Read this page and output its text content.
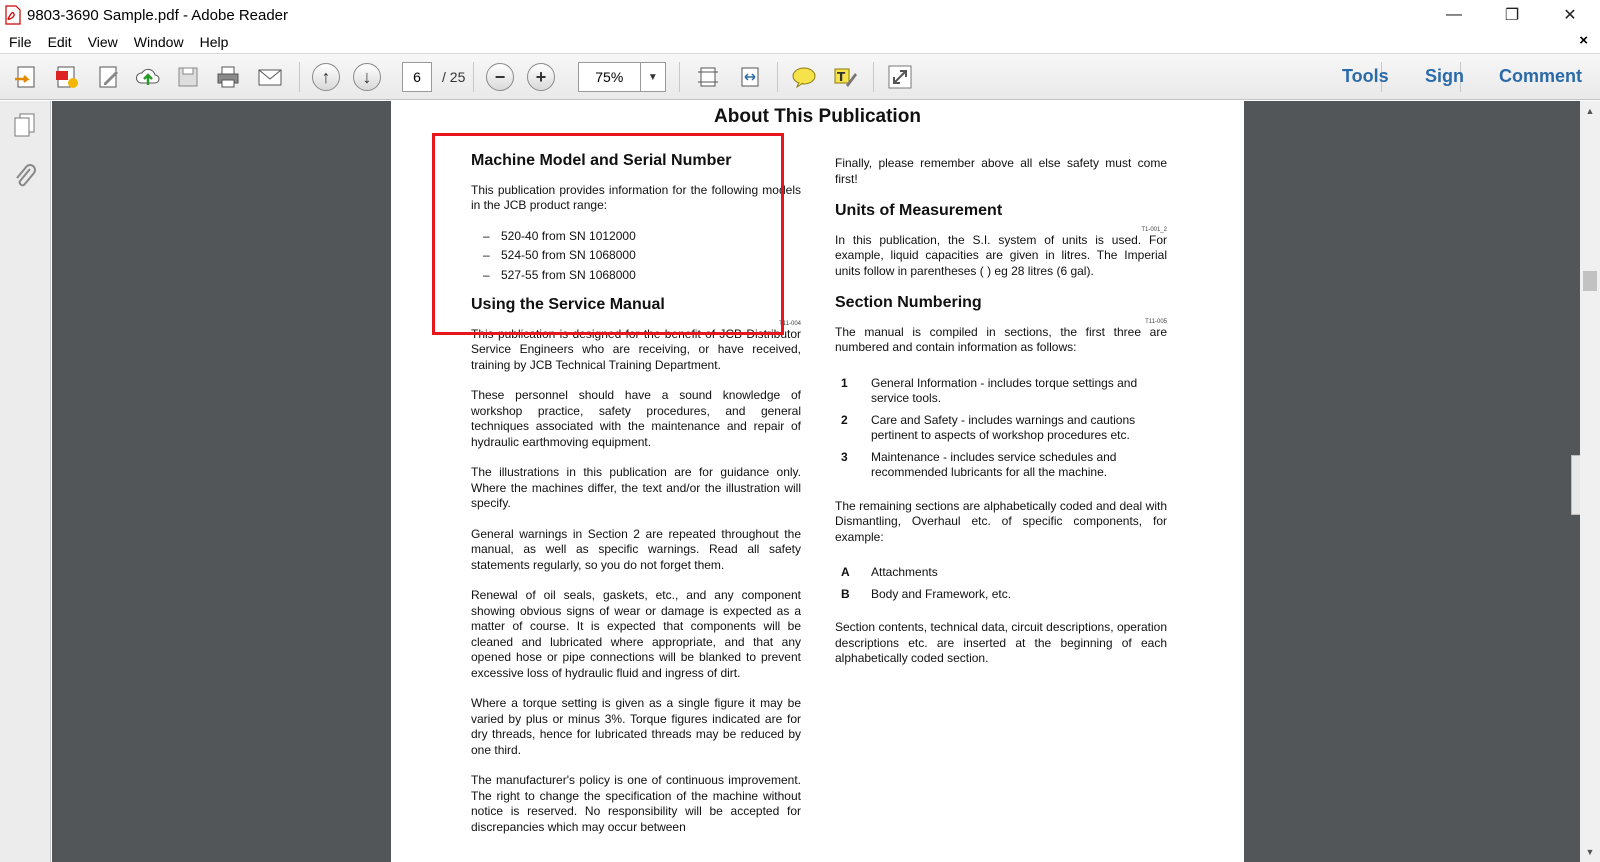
9803-3690 Sample.pdf - Adobe Reader	—	❐	✕
File	Edit	View	Window	Help	×
↑	↓	−	+	T
6	/ 25	75%	▼	Tools Sign Comment
About This Publication
Machine Model and Serial Number
This publication provides information for the following models in the JCB product range:
– 520-40 from SN 1012000
– 524-50 from SN 1068000
– 527-55 from SN 1068000
Using the Service Manual
T11-004
This publication is designed for the benefit of JCB Distributor Service Engineers who are receiving, or have received, training by JCB Technical Training Department.
These personnel should have a sound knowledge of workshop practice, safety procedures, and general techniques associated with the maintenance and repair of hydraulic earthmoving equipment.
The illustrations in this publication are for guidance only. Where the machines differ, the text and/or the illustration will specify.
General warnings in Section 2 are repeated throughout the manual, as well as specific warnings. Read all safety statements regularly, so you do not forget them.
Renewal of oil seals, gaskets, etc., and any component showing obvious signs of wear or damage is expected as a matter of course. It is expected that components will be cleaned and lubricated where appropriate, and that any opened hose or pipe connections will be blanked to prevent excessive loss of hydraulic fluid and ingress of dirt.
Where a torque setting is given as a single figure it may be varied by plus or minus 3%. Torque figures indicated are for dry threads, hence for lubricated threads may be reduced by one third.
The manufacturer's policy is one of continuous improvement. The right to change the specification of the machine without notice is reserved. No responsibility will be accepted for discrepancies which may occur between
Finally, please remember above all else safety must come first!
Units of Measurement
T1-001_2
In this publication, the S.I. system of units is used. For example, liquid capacities are given in litres. The Imperial units follow in parentheses ( ) eg 28 litres (6 gal).
Section Numbering
T11-005
The manual is compiled in sections, the first three are numbered and contain information as follows:
1	General Information - includes torque settings and service tools.
2	Care and Safety - includes warnings and cautions pertinent to aspects of workshop procedures etc.
3	Maintenance - includes service schedules and recommended lubricants for all the machine.
The remaining sections are alphabetically coded and deal with Dismantling, Overhaul etc. of specific components, for example:
A	Attachments
B	Body and Framework, etc.
Section contents, technical data, circuit descriptions, operation descriptions etc. are inserted at the beginning of each alphabetically coded section.
▲
▼
